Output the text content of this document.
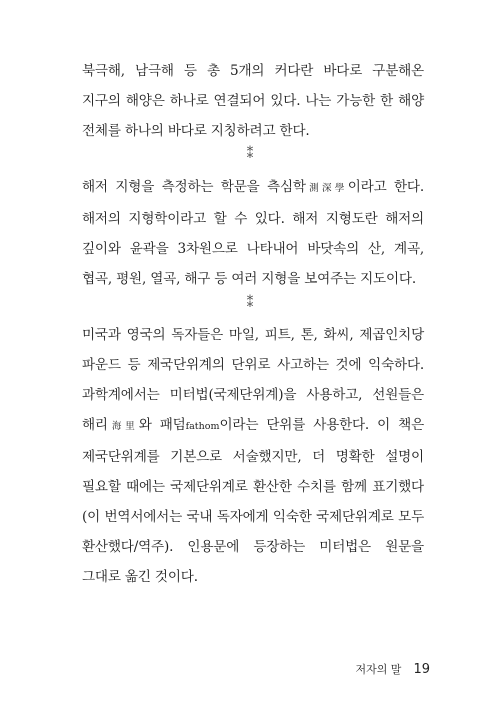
북극해, 남극해 등 총 5개의 커다란 바다로 구분해온 지구의 해양은 하나로 연결되어 있다. 나는 가능한 한 해양 전체를 하나의 바다로 지칭하려고 한다.

⁑

해저 지형을 측정하는 학문을 측심학測深學이라고 한다. 해저의 지형학이라고 할 수 있다. 해저 지형도란 해저의 깊이와 윤곽을 3차원으로 나타내어 바닷속의 산, 계곡, 협곡, 평원, 열곡, 해구 등 여러 지형을 보여주는 지도이다.

⁑

미국과 영국의 독자들은 마일, 피트, 톤, 화씨, 제곱인치당 파운드 등 제국단위계의 단위로 사고하는 것에 익숙하다. 과학계에서는 미터법(국제단위계)을 사용하고, 선원들은 해리海里와 패덤fathom이라는 단위를 사용한다. 이 책은 제국단위계를 기본으로 서술했지만, 더 명확한 설명이 필요할 때에는 국제단위계로 환산한 수치를 함께 표기했다(이 번역서에서는 국내 독자에게 익숙한 국제단위계로 모두 환산했다/역주). 인용문에 등장하는 미터법은 원문을 그대로 옮긴 것이다.

저자의 말 19
